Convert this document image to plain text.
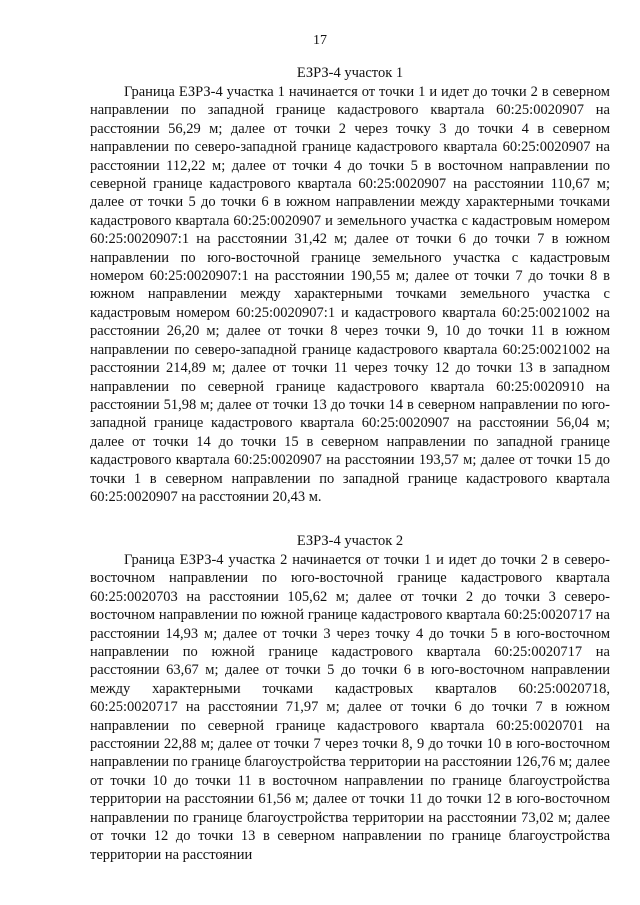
17

ЕЗРЗ-4 участок 1

Граница ЕЗРЗ-4 участка 1 начинается от точки 1 и идет до точки 2 в северном направлении по западной границе кадастрового квартала 60:25:0020907 на расстоянии 56,29 м; далее от точки 2 через точку 3 до точки 4 в северном направлении по северо-западной границе кадастрового квартала 60:25:0020907 на расстоянии 112,22 м; далее от точки 4 до точки 5 в восточном направлении по северной границе кадастрового квартала 60:25:0020907 на расстоянии 110,67 м; далее от точки 5 до точки 6 в южном направлении между характерными точками кадастрового квартала 60:25:0020907 и земельного участка с кадастровым номером 60:25:0020907:1 на расстоянии 31,42 м; далее от точки 6 до точки 7 в южном направлении по юго-восточной границе земельного участка с кадастровым номером 60:25:0020907:1 на расстоянии 190,55 м; далее от точки 7 до точки 8 в южном направлении между характерными точками земельного участка с кадастровым номером 60:25:0020907:1 и кадастрового квартала 60:25:0021002 на расстоянии 26,20 м; далее от точки 8 через точки 9, 10 до точки 11 в южном направлении по северо-западной границе кадастрового квартала 60:25:0021002 на расстоянии 214,89 м; далее от точки 11 через точку 12 до точки 13 в западном направлении по северной границе кадастрового квартала 60:25:0020910 на расстоянии 51,98 м; далее от точки 13 до точки 14 в северном направлении по юго-западной границе кадастрового квартала 60:25:0020907 на расстоянии 56,04 м; далее от точки 14 до точки 15 в северном направлении по западной границе кадастрового квартала 60:25:0020907 на расстоянии 193,57 м; далее от точки 15 до точки 1 в северном направлении по западной границе кадастрового квартала 60:25:0020907 на расстоянии 20,43 м.

ЕЗРЗ-4 участок 2

Граница ЕЗРЗ-4 участка 2 начинается от точки 1 и идет до точки 2 в северо-восточном направлении по юго-восточной границе кадастрового квартала 60:25:0020703 на расстоянии 105,62 м; далее от точки 2 до точки 3 северо-восточном направлении по южной границе кадастрового квартала 60:25:0020717 на расстоянии 14,93 м; далее от точки 3 через точку 4 до точки 5 в юго-восточном направлении по южной границе кадастрового квартала 60:25:0020717 на расстоянии 63,67 м; далее от точки 5 до точки 6 в юго-восточном направлении между характерными точками кадастровых кварталов 60:25:0020718, 60:25:0020717 на расстоянии 71,97 м; далее от точки 6 до точки 7 в южном направлении по северной границе кадастрового квартала 60:25:0020701 на расстоянии 22,88 м; далее от точки 7 через точки 8, 9 до точки 10 в юго-восточном направлении по границе благоустройства территории на расстоянии 126,76 м; далее от точки 10 до точки 11 в восточном направлении по границе благоустройства территории на расстоянии 61,56 м; далее от точки 11 до точки 12 в юго-восточном направлении по границе благоустройства территории на расстоянии 73,02 м; далее от точки 12 до точки 13 в северном направлении по границе благоустройства территории на расстоянии
